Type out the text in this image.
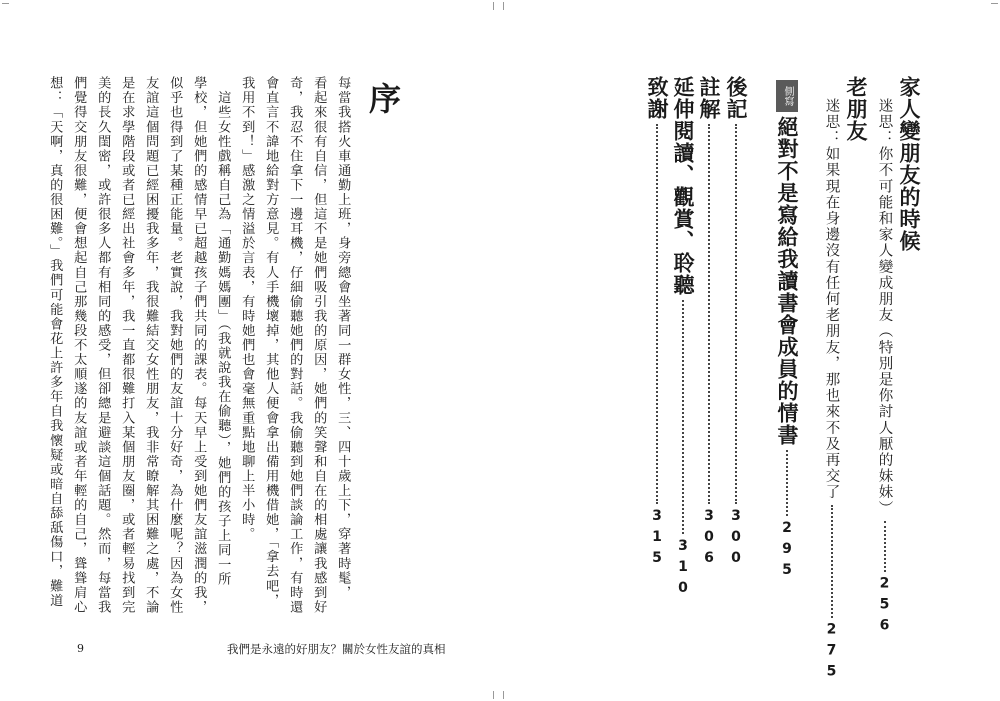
家人變朋友的時候
迷思：你不可能和家人變成朋友（特別是你討人厭的妹妹）256
老朋友
迷思：如果現在身邊沒有任何老朋友，那也來不及再交了275
側寫
絕對不是寫給我讀書會成員的情書295
後記300
註解306
延伸閱讀、觀賞、聆聽310
致謝315
序
每當我搭火車通勤上班，身旁總會坐著同一群女性，三、四十歲上下，穿著時髦，
看起來很有自信，但這不是她們吸引我的原因，她們的笑聲和自在的相處讓我感到好
奇，我忍不住拿下一邊耳機，仔細偷聽她們的對話。我偷聽到她們談論工作，有時還
會直言不諱地給對方意見。有人手機壞掉，其他人便會拿出備用機借她，「拿去吧，
我用不到！」感激之情溢於言表，有時她們也會毫無重點地聊上半小時。
　這些女性戲稱自己為「通勤媽媽團」（我就說我在偷聽），她們的孩子上同一所
學校，但她們的感情早已超越孩子們共同的課表。每天早上受到她們友誼滋潤的我，
似乎也得到了某種正能量。老實說，我對她們的友誼十分好奇，為什麼呢？因為女性
友誼這個問題已經困擾我多年，我很難結交女性朋友，我非常瞭解其困難之處，不論
是在求學階段或者已經出社會多年，我一直都很難打入某個朋友圈，或者輕易找到完
美的長久閨密，或許很多人都有相同的感受，但卻總是避談這個話題。然而，每當我
們覺得交朋友很難，便會想起自己那幾段不太順遂的友誼或者年輕的自己，聳聳肩心
想：「天啊，真的很困難。」我們可能會花上許多年自我懷疑或暗自舔舐傷口，難道
9	我們是永遠的好朋友？關於女性友誼的真相
